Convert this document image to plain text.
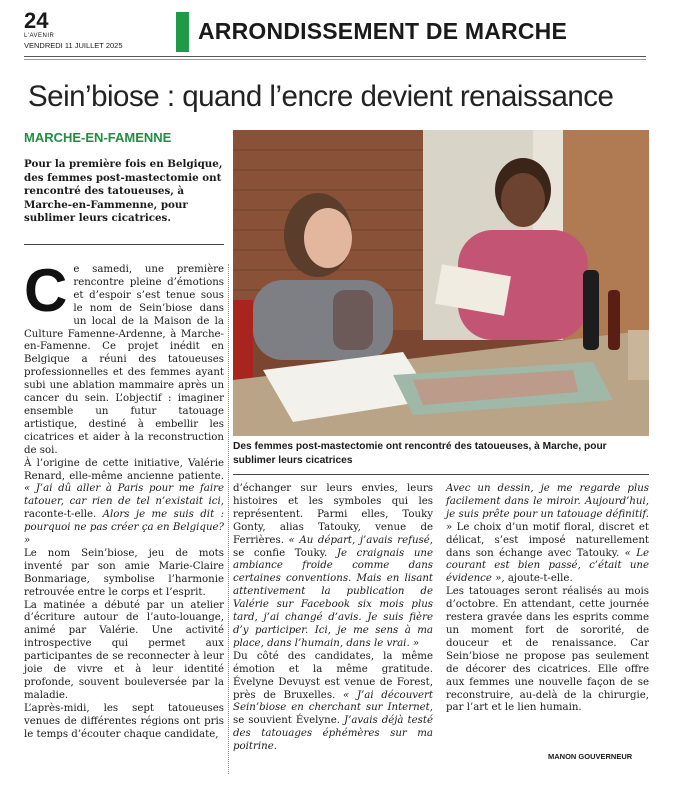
24
L'AVENIR
VENDREDI 11 JUILLET 2025
ARRONDISSEMENT DE MARCHE
Sein’biose : quand l’encre devient renaissance
MARCHE-EN-FAMENNE
Pour la première fois en Belgique, des femmes post-mastectomie ont rencontré des tatoueuses, à Marche-en-Fammenne, pour sublimer leurs cicatrices.
Des femmes post-mastectomie ont rencontré des tatoueuses, à Marche, pour sublimer leurs cicatrices

Ce samedi, une première rencontre pleine d’émotions et d’espoir s’est tenue sous le nom de Sein’biose dans un local de la Maison de la Culture Famenne-Ardenne, à Marche-en-Famenne. Ce projet inédit en Belgique a réuni des tatoueuses professionnelles et des femmes ayant subi une ablation mammaire après un cancer du sein. L’objectif : imaginer ensemble un futur tatouage artistique, destiné à embellir les cicatrices et aider à la reconstruction de soi.

À l’origine de cette initiative, Valérie Renard, elle-même ancienne patiente. « J’ai dû aller à Paris pour me faire tatouer, car rien de tel n’existait ici, raconte-t-elle. Alors je me suis dit : pourquoi ne pas créer ça en Belgique? »

Le nom Sein’biose, jeu de mots inventé par son amie Marie-Claire Bonmariage, symbolise l’harmonie retrouvée entre le corps et l’esprit.

La matinée a débuté par un atelier d’écriture autour de l’auto-louange, animé par Valérie. Une activité introspective qui permet aux participantes de se reconnecter à leur joie de vivre et à leur identité profonde, souvent bouleversée par la maladie.

L’après-midi, les sept tatoueuses venues de différentes régions ont pris le temps d’écouter chaque candidate,

d’échanger sur leurs envies, leurs histoires et les symboles qui les représentent. Parmi elles, Touky Gonty, alias Tatouky, venue de Ferrières. « Au départ, j’avais refusé, se confie Touky. Je craignais une ambiance froide comme dans certaines conventions. Mais en lisant attentivement la publication de Valérie sur Facebook six mois plus tard, j’ai changé d’avis. Je suis fière d’y participer. Ici, je me sens à ma place, dans l’humain, dans le vrai. »

Du côté des candidates, la même émotion et la même gratitude. Évelyne Devuyst est venue de Forest, près de Bruxelles. « J’ai découvert Sein’biose en cherchant sur Internet, se souvient Évelyne. J’avais déjà testé des tatouages éphémères sur ma poitrine.

Avec un dessin, je me regarde plus facilement dans le miroir. Aujourd’hui, je suis prête pour un tatouage définitif. » Le choix d’un motif floral, discret et délicat, s’est imposé naturellement dans son échange avec Tatouky. « Le courant est bien passé, c’était une évidence », ajoute-t-elle.

Les tatouages seront réalisés au mois d’octobre. En attendant, cette journée restera gravée dans les esprits comme un moment fort de sororité, de douceur et de renaissance. Car Sein’biose ne propose pas seulement de décorer des cicatrices. Elle offre aux femmes une nouvelle façon de se reconstruire, au-delà de la chirurgie, par l’art et le lien humain.

MANON GOUVERNEUR
